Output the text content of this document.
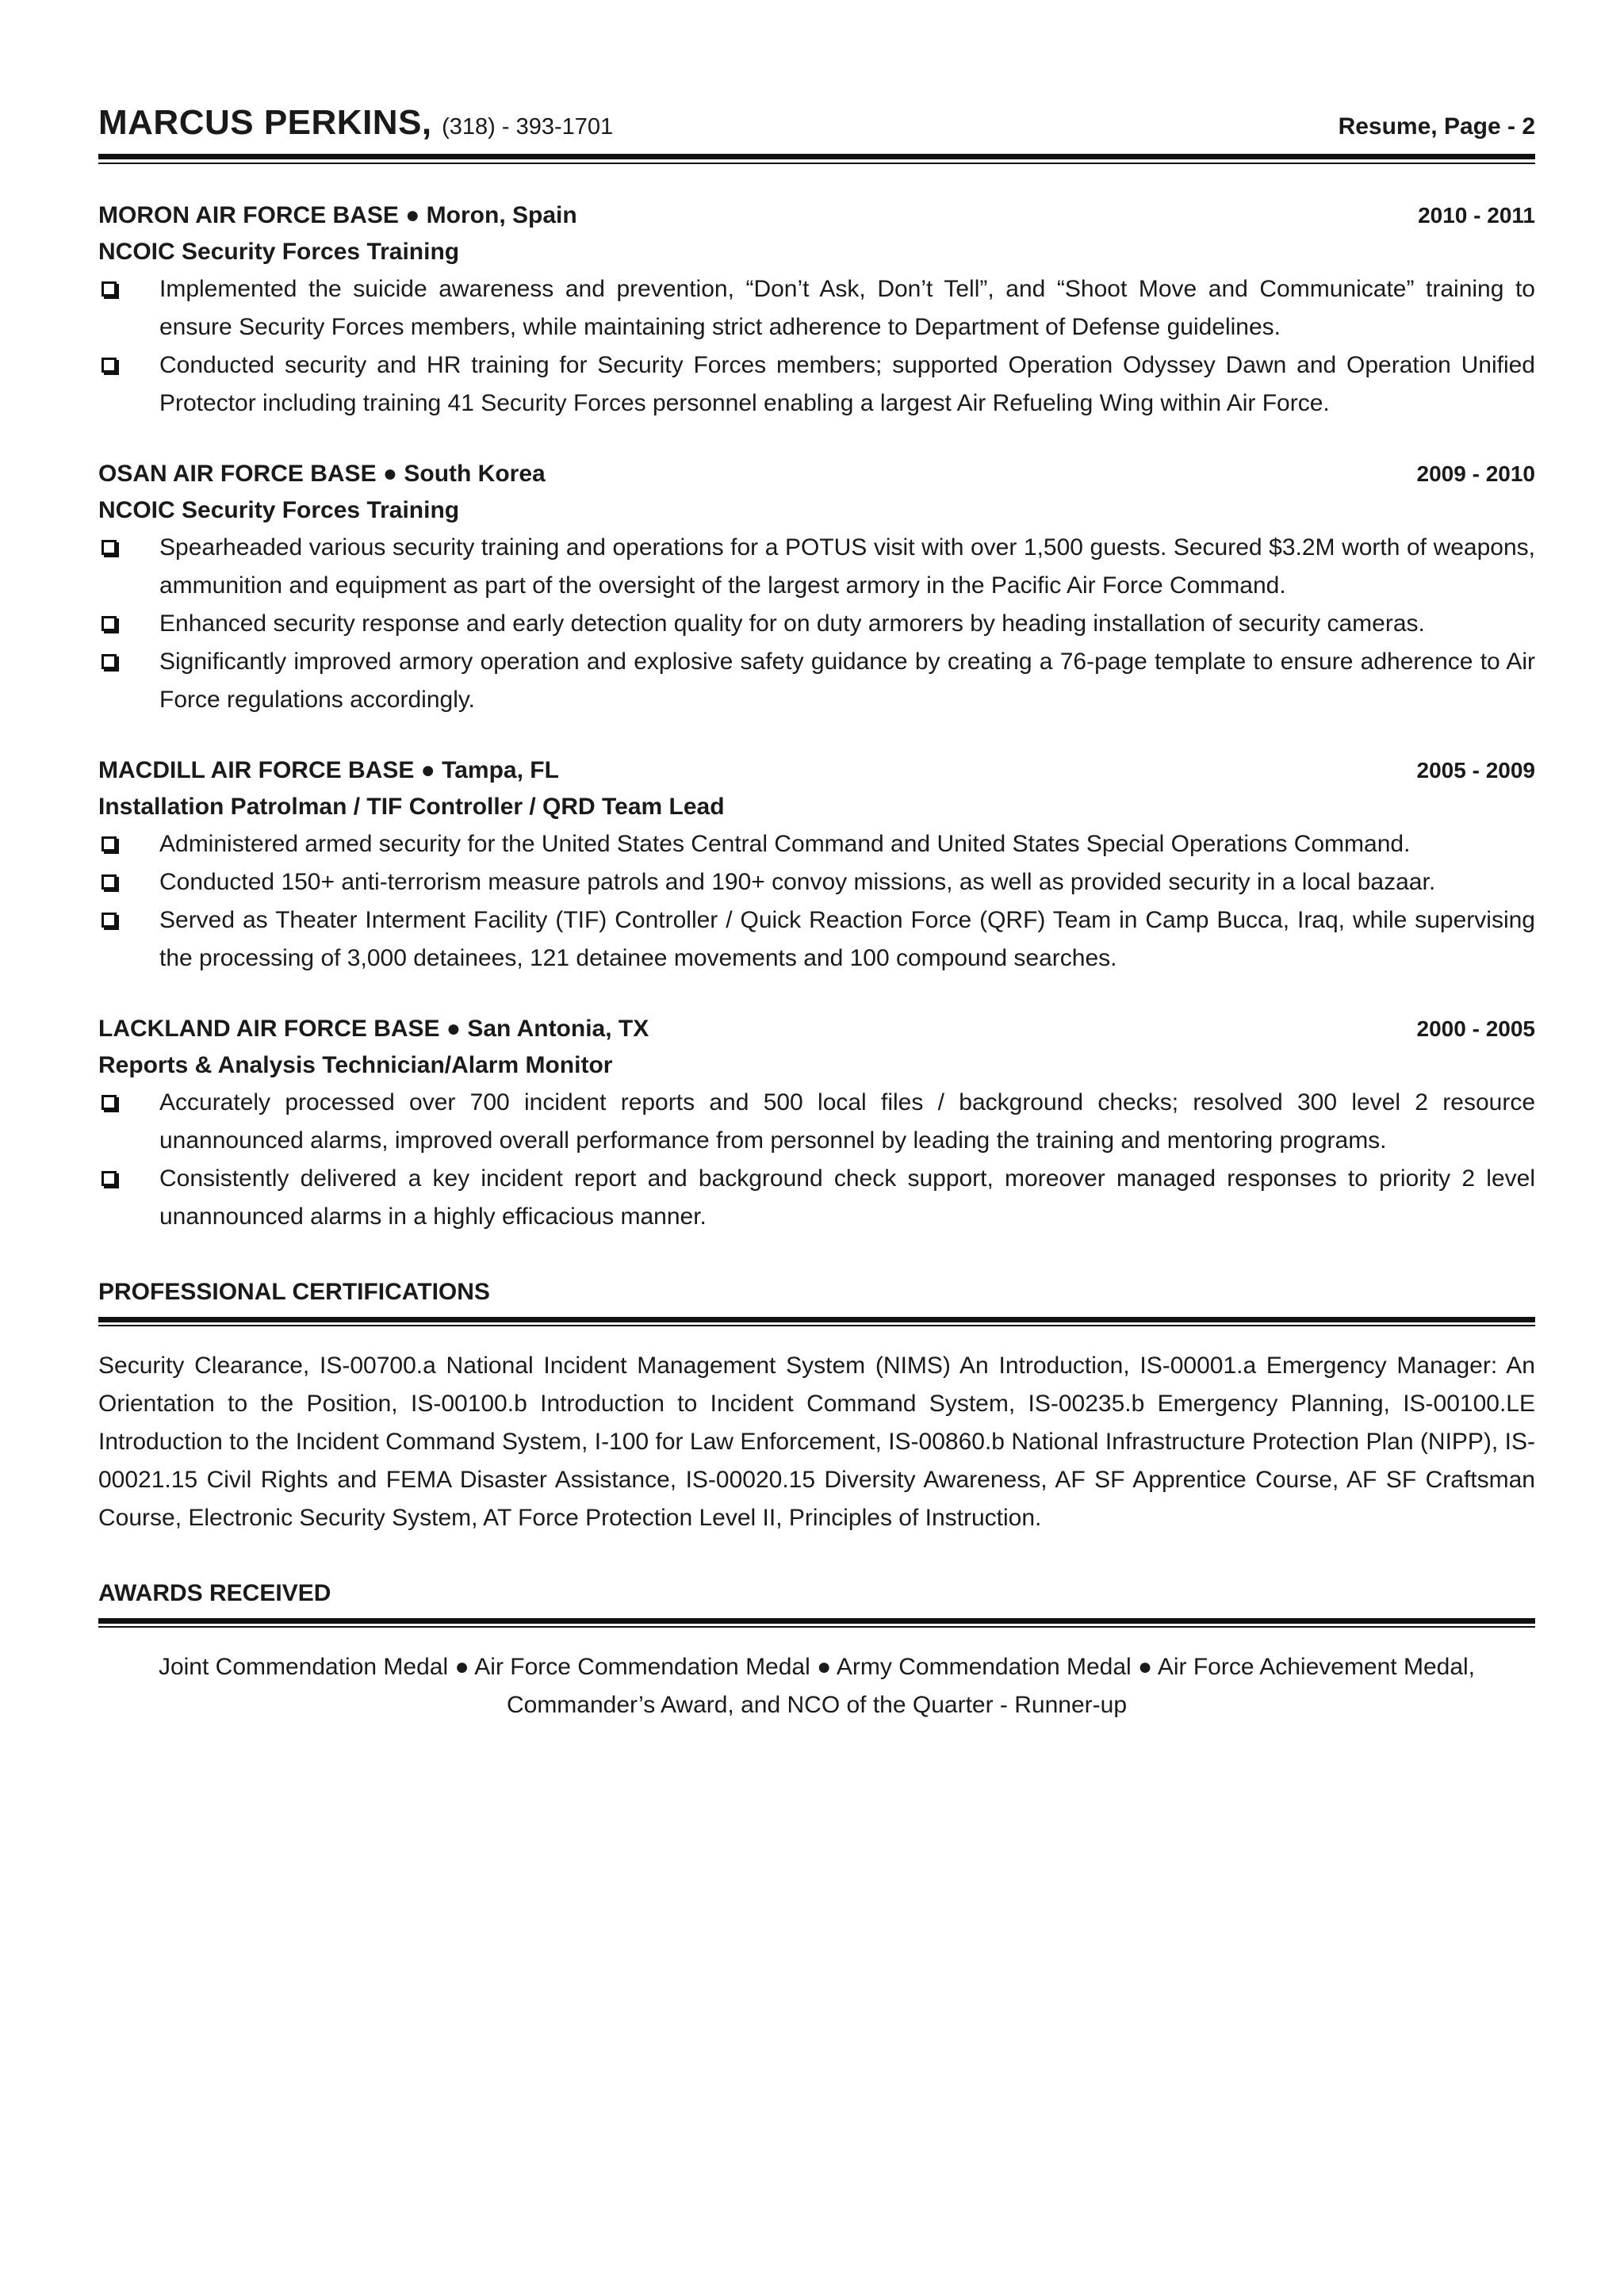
MARCUS PERKINS, (318) - 393-1701	Resume, Page - 2
MORON AIR FORCE BASE ● Moron, Spain	2010 - 2011
NCOIC Security Forces Training
Implemented the suicide awareness and prevention, “Don’t Ask, Don’t Tell”, and “Shoot Move and Communicate” training to ensure Security Forces members, while maintaining strict adherence to Department of Defense guidelines.
Conducted security and HR training for Security Forces members; supported Operation Odyssey Dawn and Operation Unified Protector including training 41 Security Forces personnel enabling a largest Air Refueling Wing within Air Force.
OSAN AIR FORCE BASE ● South Korea	2009 - 2010
NCOIC Security Forces Training
Spearheaded various security training and operations for a POTUS visit with over 1,500 guests. Secured $3.2M worth of weapons, ammunition and equipment as part of the oversight of the largest armory in the Pacific Air Force Command.
Enhanced security response and early detection quality for on duty armorers by heading installation of security cameras.
Significantly improved armory operation and explosive safety guidance by creating a 76-page template to ensure adherence to Air Force regulations accordingly.
MACDILL AIR FORCE BASE ● Tampa, FL	2005 - 2009
Installation Patrolman / TIF Controller / QRD Team Lead
Administered armed security for the United States Central Command and United States Special Operations Command.
Conducted 150+ anti-terrorism measure patrols and 190+ convoy missions, as well as provided security in a local bazaar.
Served as Theater Interment Facility (TIF) Controller / Quick Reaction Force (QRF) Team in Camp Bucca, Iraq, while supervising the processing of 3,000 detainees, 121 detainee movements and 100 compound searches.
LACKLAND AIR FORCE BASE ● San Antonia, TX	2000 - 2005
Reports & Analysis Technician/Alarm Monitor
Accurately processed over 700 incident reports and 500 local files / background checks; resolved 300 level 2 resource unannounced alarms, improved overall performance from personnel by leading the training and mentoring programs.
Consistently delivered a key incident report and background check support, moreover managed responses to priority 2 level unannounced alarms in a highly efficacious manner.
PROFESSIONAL CERTIFICATIONS

Security Clearance, IS-00700.a National Incident Management System (NIMS) An Introduction, IS-00001.a Emergency Manager: An Orientation to the Position, IS-00100.b Introduction to Incident Command System, IS-00235.b Emergency Planning, IS-00100.LE Introduction to the Incident Command System, I-100 for Law Enforcement, IS-00860.b National Infrastructure Protection Plan (NIPP), IS-00021.15 Civil Rights and FEMA Disaster Assistance, IS-00020.15 Diversity Awareness, AF SF Apprentice Course, AF SF Craftsman Course, Electronic Security System, AT Force Protection Level II, Principles of Instruction.

AWARDS RECEIVED

Joint Commendation Medal ● Air Force Commendation Medal ● Army Commendation Medal ● Air Force Achievement Medal, Commander’s Award, and NCO of the Quarter - Runner-up
